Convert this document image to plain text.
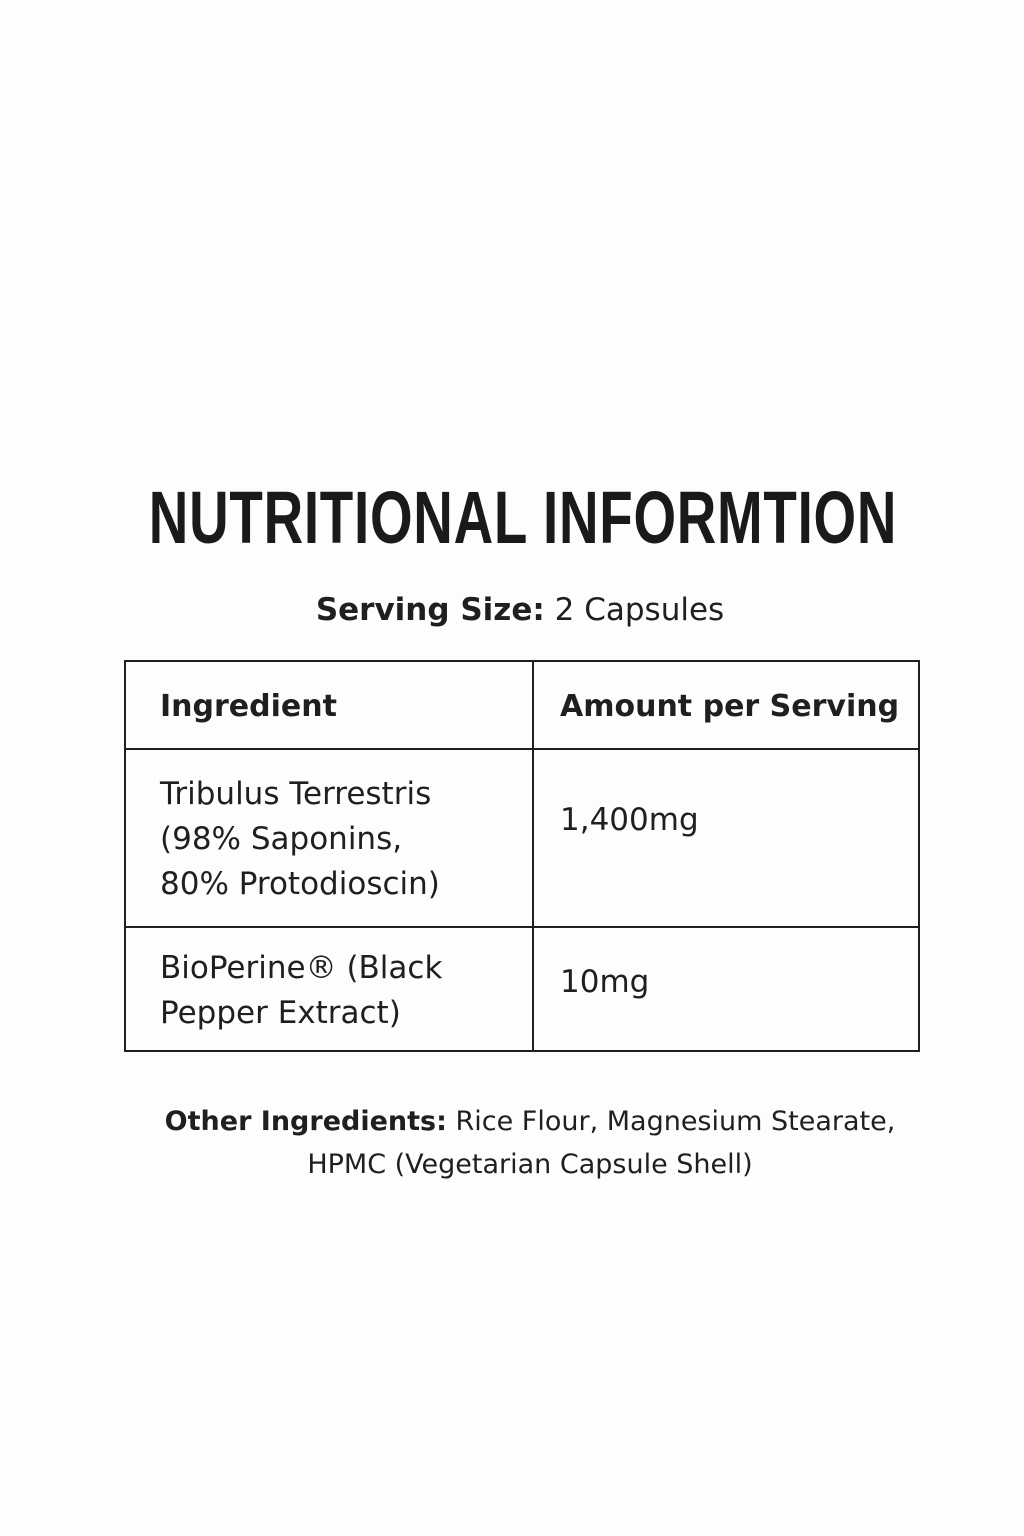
NUTRITIONAL INFORMTION
Serving Size: 2 Capsules
Ingredient	Amount per Serving
Tribulus Terrestris
(98% Saponins,
80% Protodioscin)
1,400mg
BioPerine® (Black
Pepper Extract)
10mg
Other Ingredients: Rice Flour, Magnesium Stearate,
HPMC (Vegetarian Capsule Shell)
